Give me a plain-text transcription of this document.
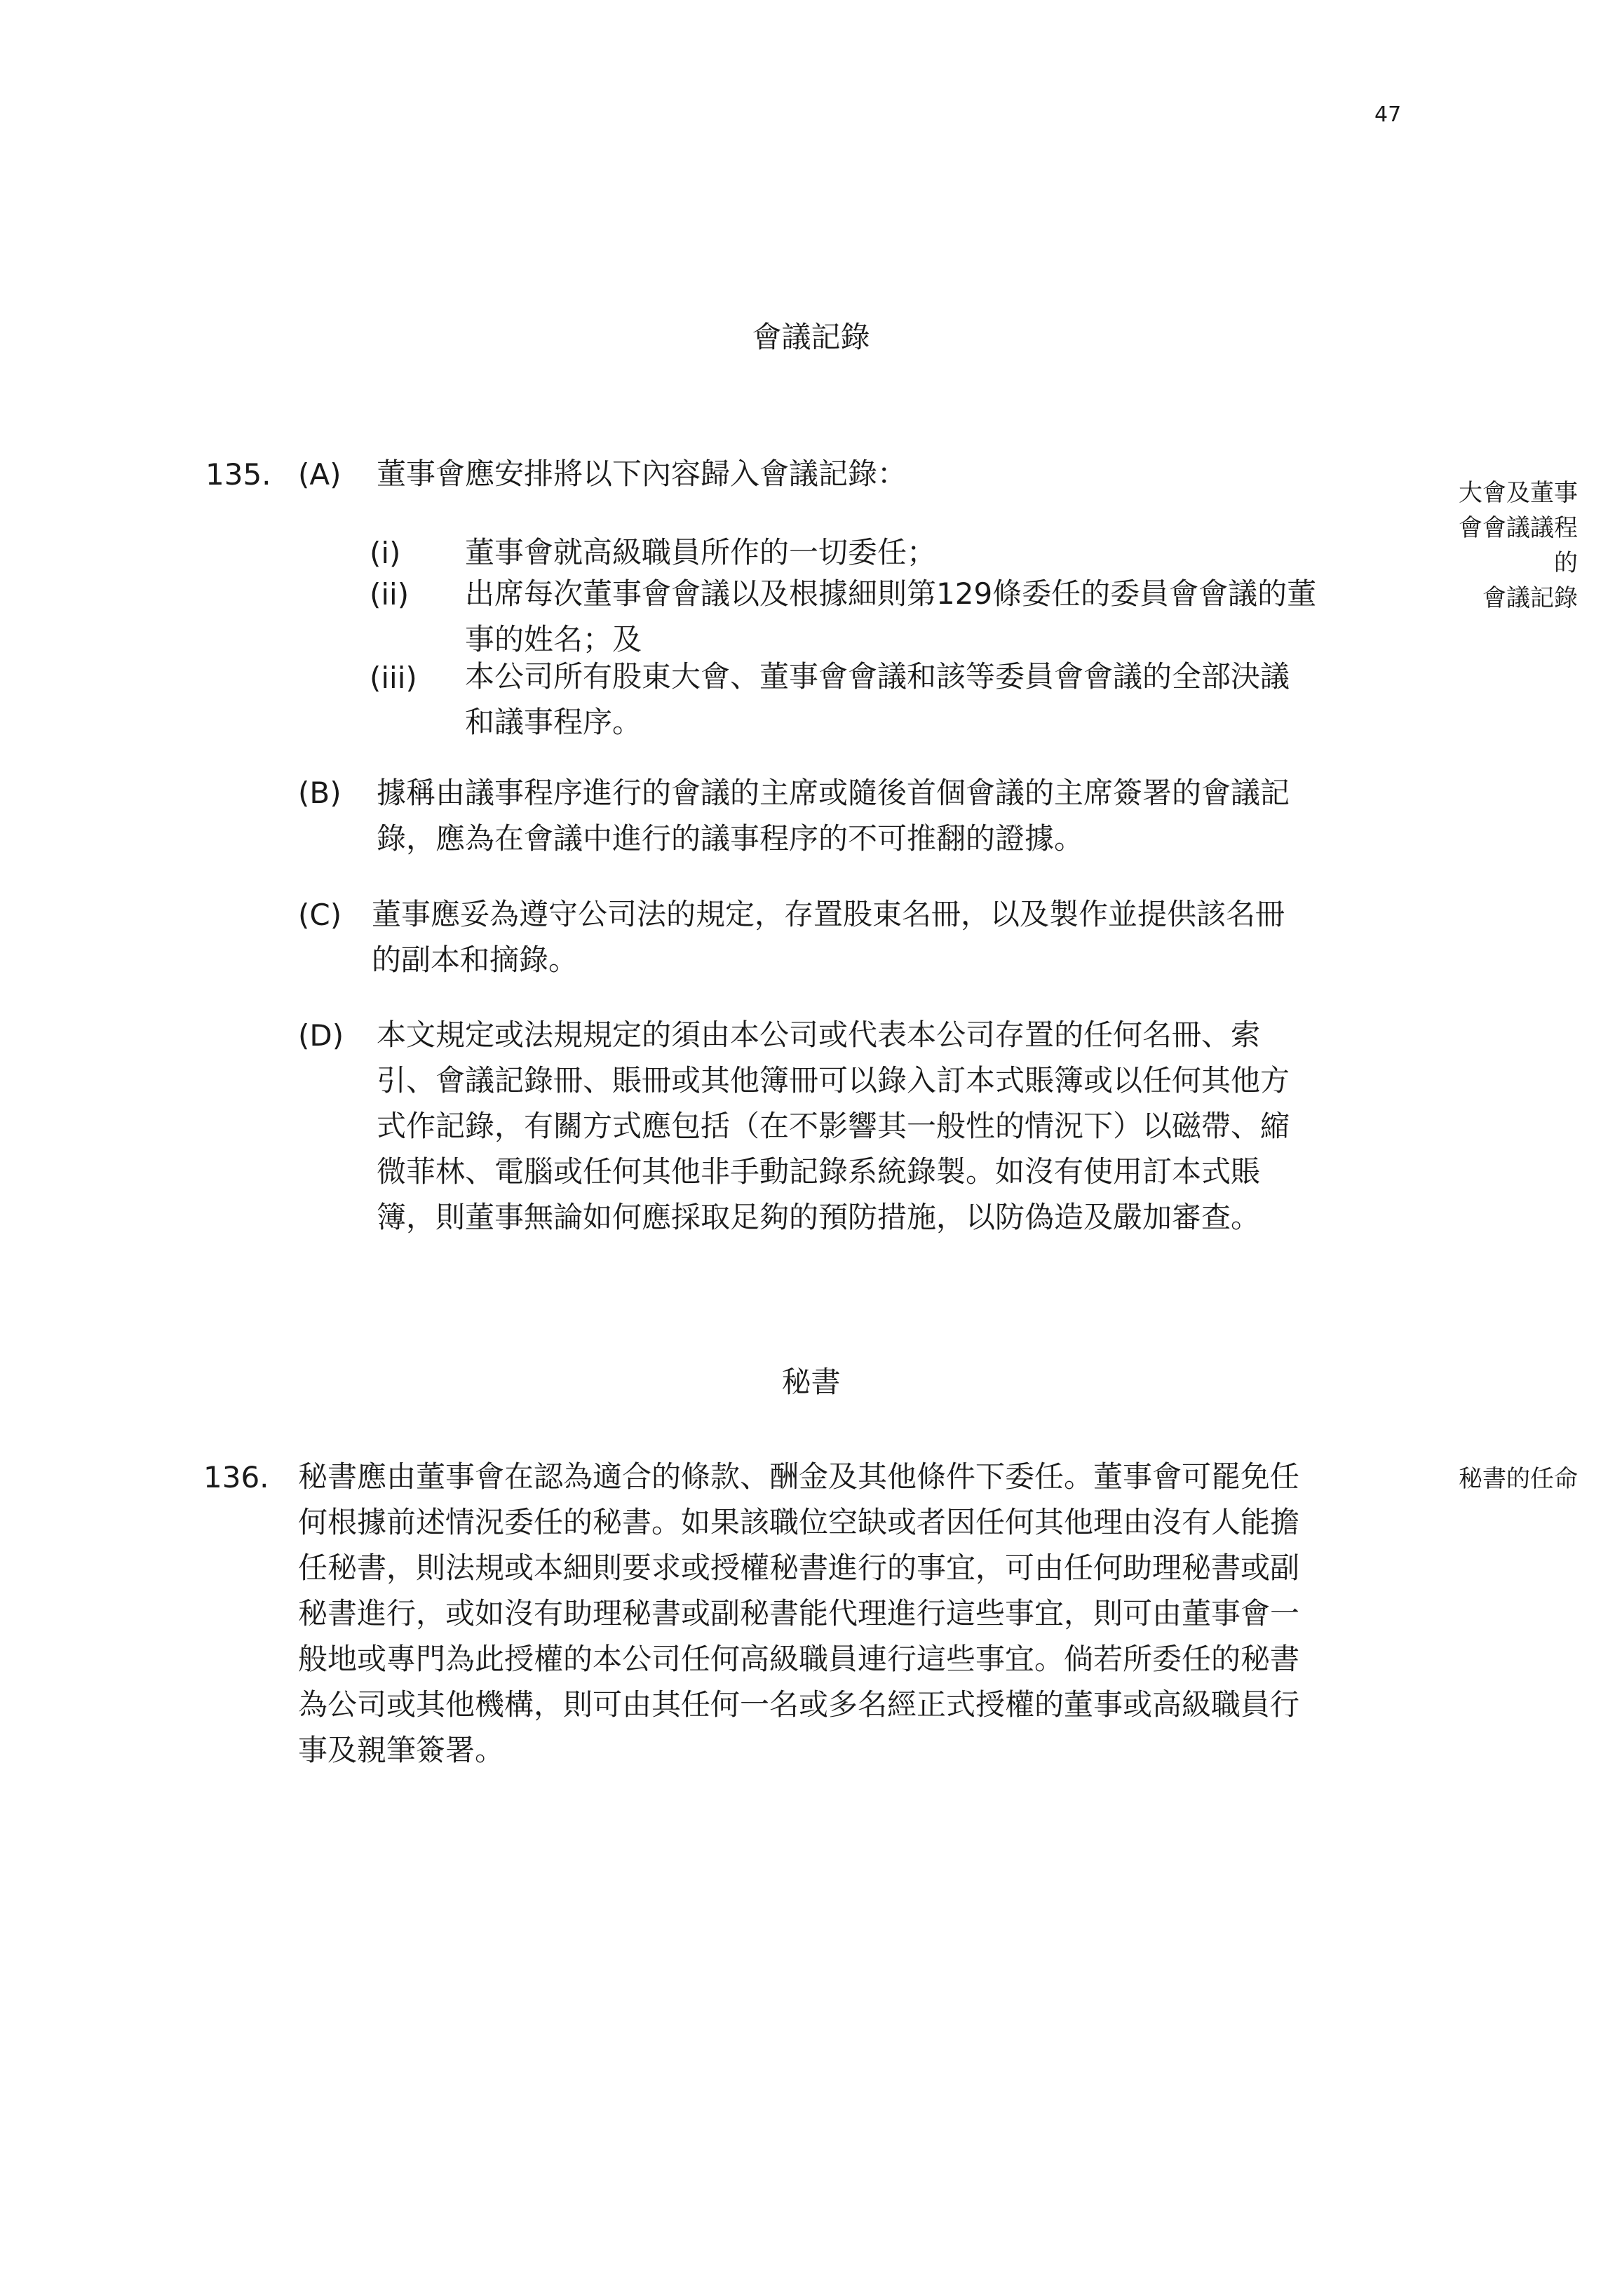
47
會議記錄
135.
大會及董事
會會議議程
的
會議記錄
(A) 董事會應安排將以下內容歸入會議記錄：
(i) 董事會就高級職員所作的一切委任；
(ii) 出席每次董事會會議以及根據細則第129條委任的委員會會議的董
事的姓名；及
(iii) 本公司所有股東大會、董事會會議和該等委員會會議的全部決議
和議事程序。
(B) 據稱由議事程序進行的會議的主席或隨後首個會議的主席簽署的會議記
錄，應為在會議中進行的議事程序的不可推翻的證據。
(C) 董事應妥為遵守公司法的規定，存置股東名冊，以及製作並提供該名冊
的副本和摘錄。
(D) 本文規定或法規規定的須由本公司或代表本公司存置的任何名冊、索
引、會議記錄冊、賬冊或其他簿冊可以錄入訂本式賬簿或以任何其他方
式作記錄，有關方式應包括（在不影響其一般性的情況下）以磁帶、縮
微菲林、電腦或任何其他非手動記錄系統錄製。如沒有使用訂本式賬
簿，則董事無論如何應採取足夠的預防措施，以防偽造及嚴加審查。
秘書
136.	秘書的任命
秘書應由董事會在認為適合的條款、酬金及其他條件下委任。董事會可罷免任
何根據前述情況委任的秘書。如果該職位空缺或者因任何其他理由沒有人能擔
任秘書，則法規或本細則要求或授權秘書進行的事宜，可由任何助理秘書或副
秘書進行，或如沒有助理秘書或副秘書能代理進行這些事宜，則可由董事會一
般地或專門為此授權的本公司任何高級職員連行這些事宜。倘若所委任的秘書
為公司或其他機構，則可由其任何一名或多名經正式授權的董事或高級職員行
事及親筆簽署。
